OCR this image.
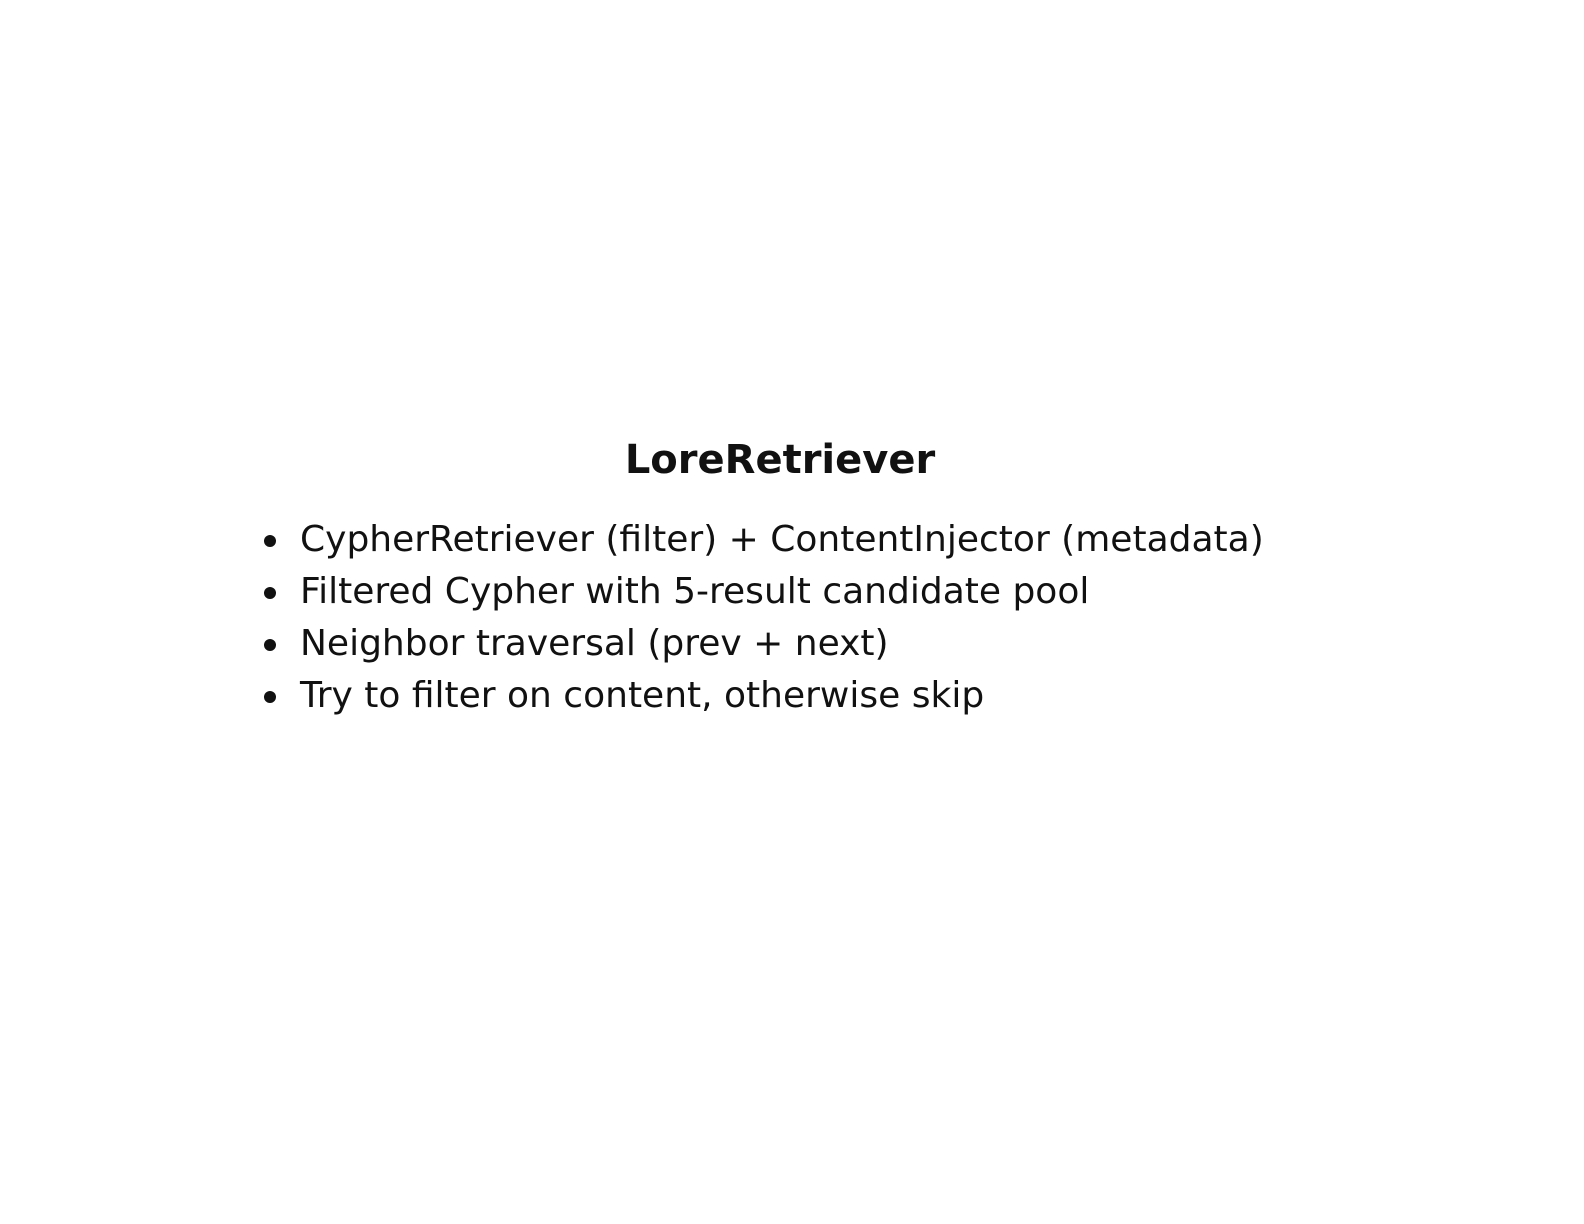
LoreRetriever
CypherRetriever (filter) + ContentInjector (metadata)
Filtered Cypher with 5-result candidate pool
Neighbor traversal (prev + next)
Try to filter on content, otherwise skip
